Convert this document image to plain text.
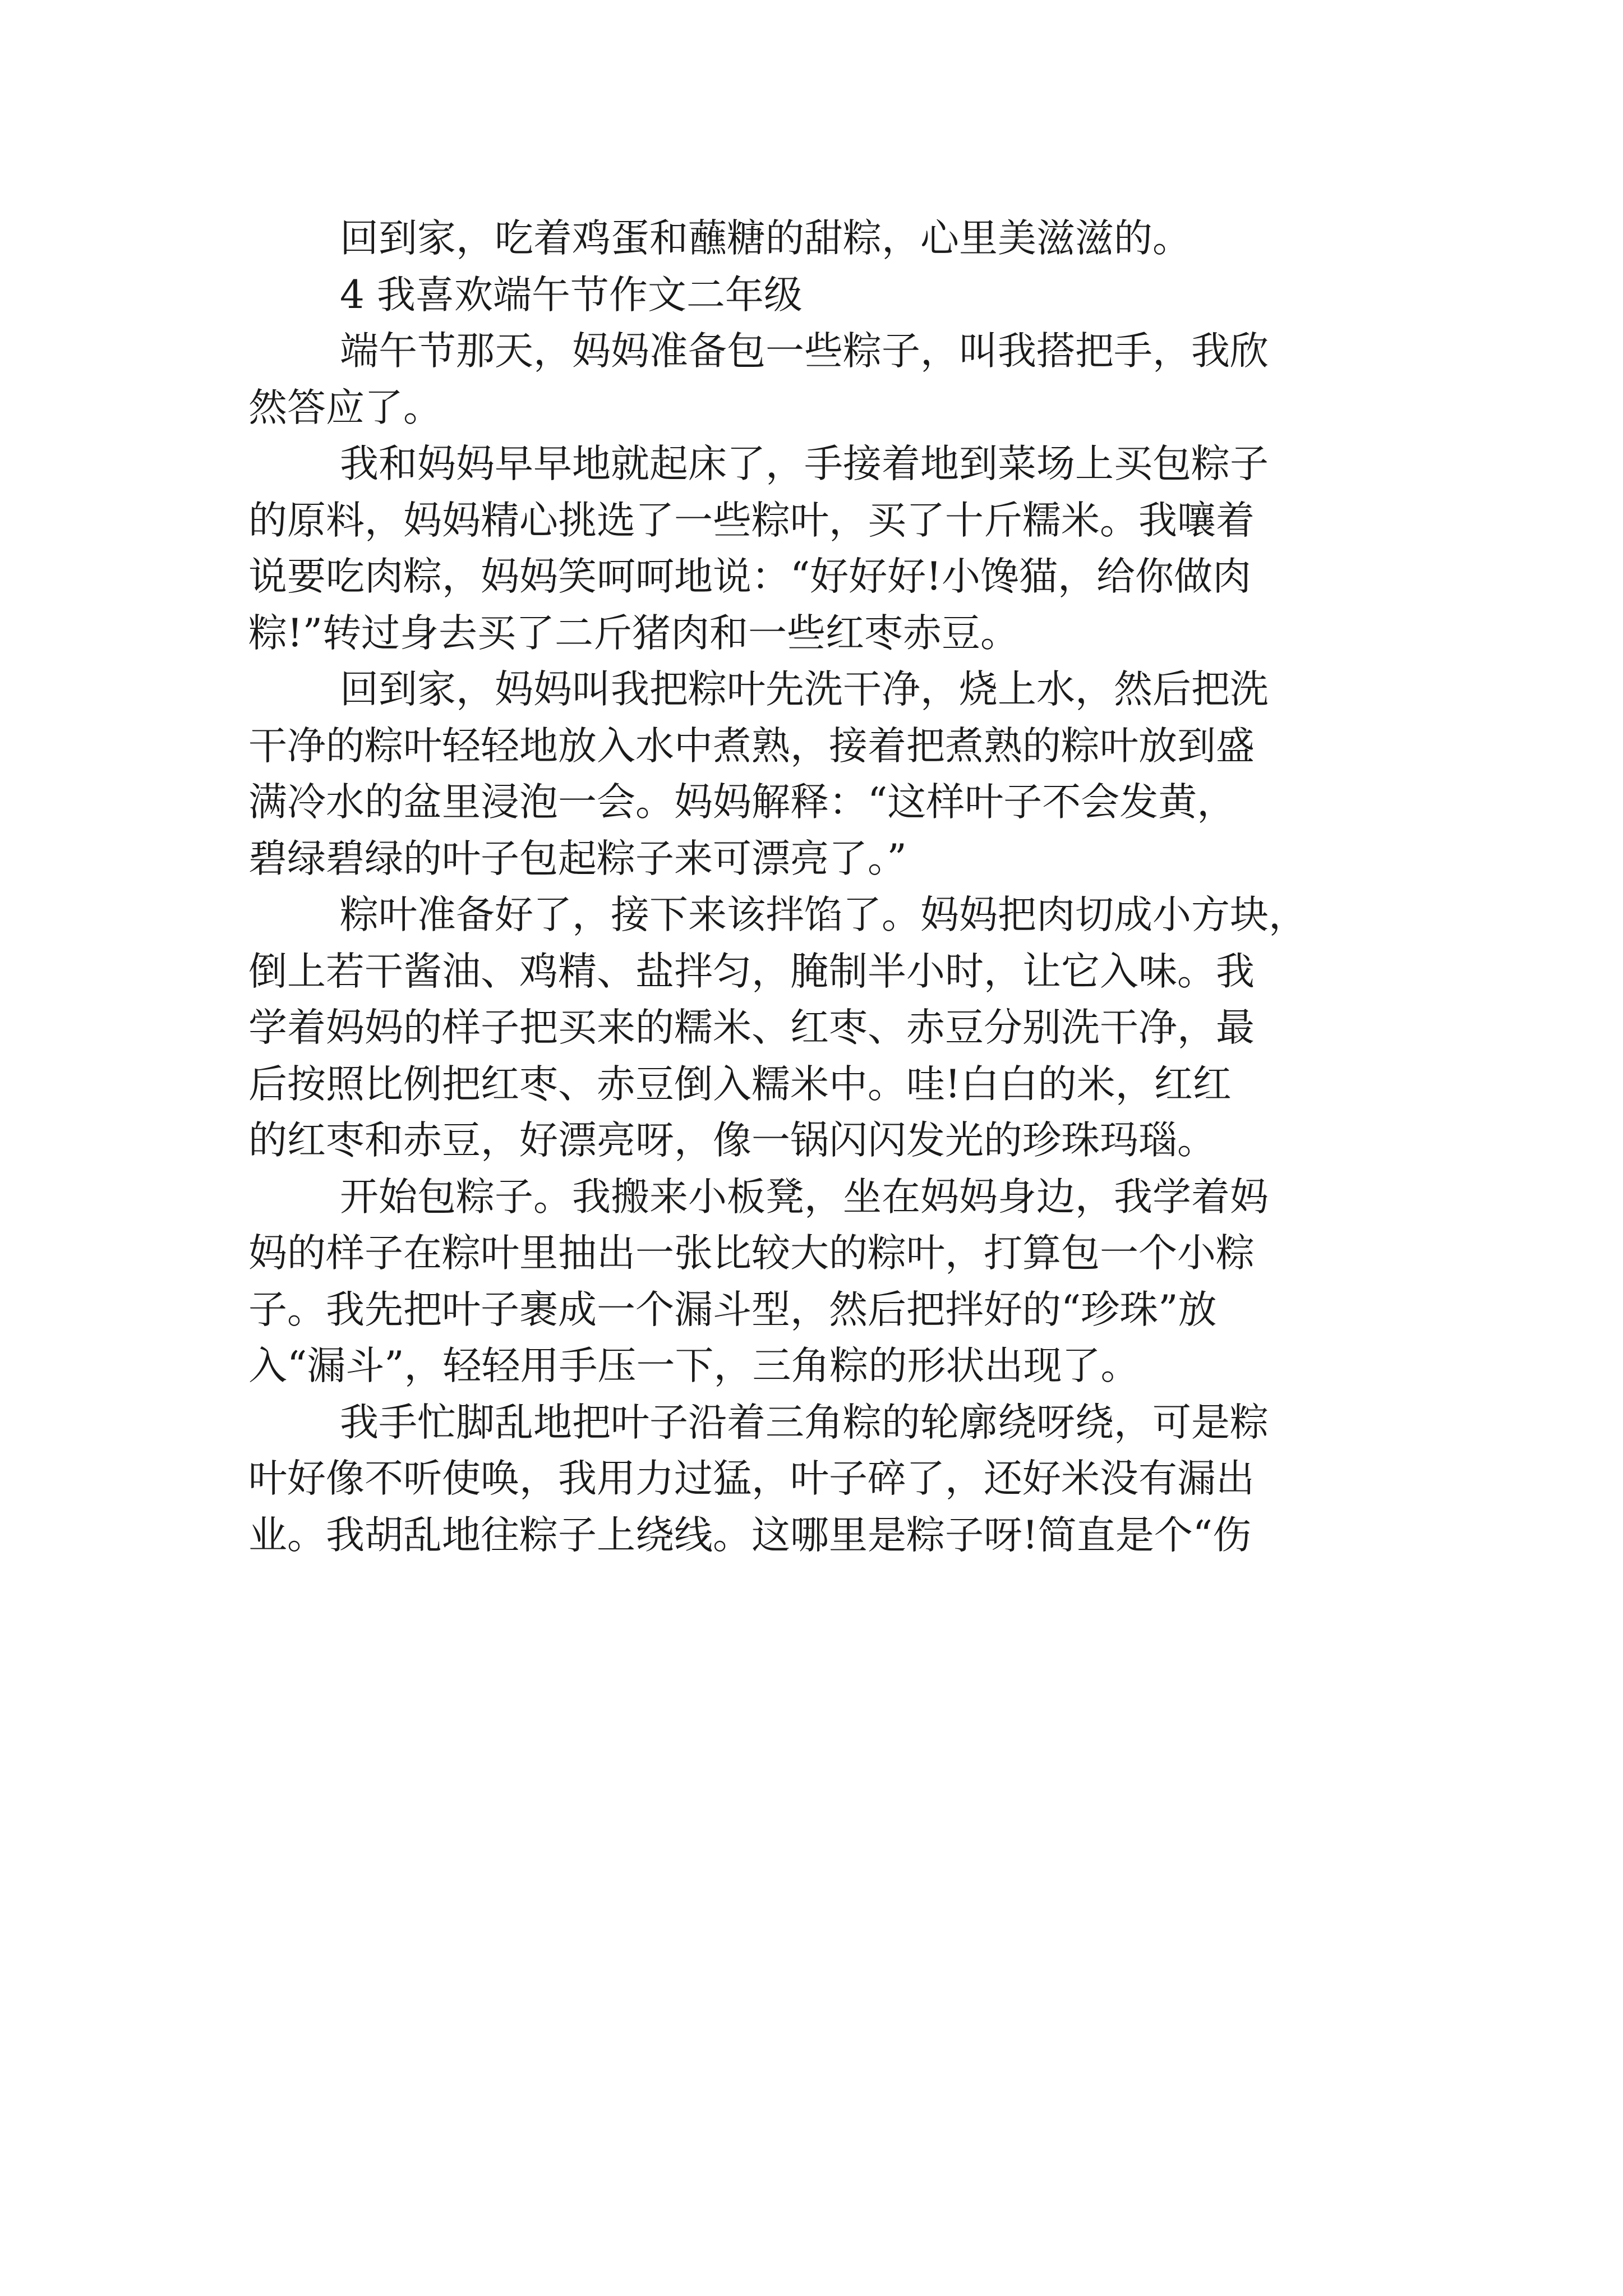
回到家，吃着鸡蛋和蘸糖的甜粽，心里美滋滋的。
4 我喜欢端午节作文二年级
端午节那天，妈妈准备包一些粽子，叫我搭把手，我欣
然答应了。
我和妈妈早早地就起床了，手接着地到菜场上买包粽子
的原料，妈妈精心挑选了一些粽叶，买了十斤糯米。我嚷着
说要吃肉粽，妈妈笑呵呵地说：“好好好!小馋猫，给你做肉
粽!”转过身去买了二斤猪肉和一些红枣赤豆。
回到家，妈妈叫我把粽叶先洗干净，烧上水，然后把洗
干净的粽叶轻轻地放入水中煮熟，接着把煮熟的粽叶放到盛
满冷水的盆里浸泡一会。妈妈解释：“这样叶子不会发黄，
碧绿碧绿的叶子包起粽子来可漂亮了。”
粽叶准备好了，接下来该拌馅了。妈妈把肉切成小方块，
倒上若干酱油、鸡精、盐拌匀，腌制半小时，让它入味。我
学着妈妈的样子把买来的糯米、红枣、赤豆分别洗干净，最
后按照比例把红枣、赤豆倒入糯米中。哇!白白的米，红红
的红枣和赤豆，好漂亮呀，像一锅闪闪发光的珍珠玛瑙。
开始包粽子。我搬来小板凳，坐在妈妈身边，我学着妈
妈的样子在粽叶里抽出一张比较大的粽叶，打算包一个小粽
子。我先把叶子裹成一个漏斗型，然后把拌好的“珍珠”放
入“漏斗”，轻轻用手压一下，三角粽的形状出现了。
我手忙脚乱地把叶子沿着三角粽的轮廓绕呀绕，可是粽
叶好像不听使唤，我用力过猛，叶子碎了，还好米没有漏出
业。我胡乱地往粽子上绕线。这哪里是粽子呀!简直是个“伤
